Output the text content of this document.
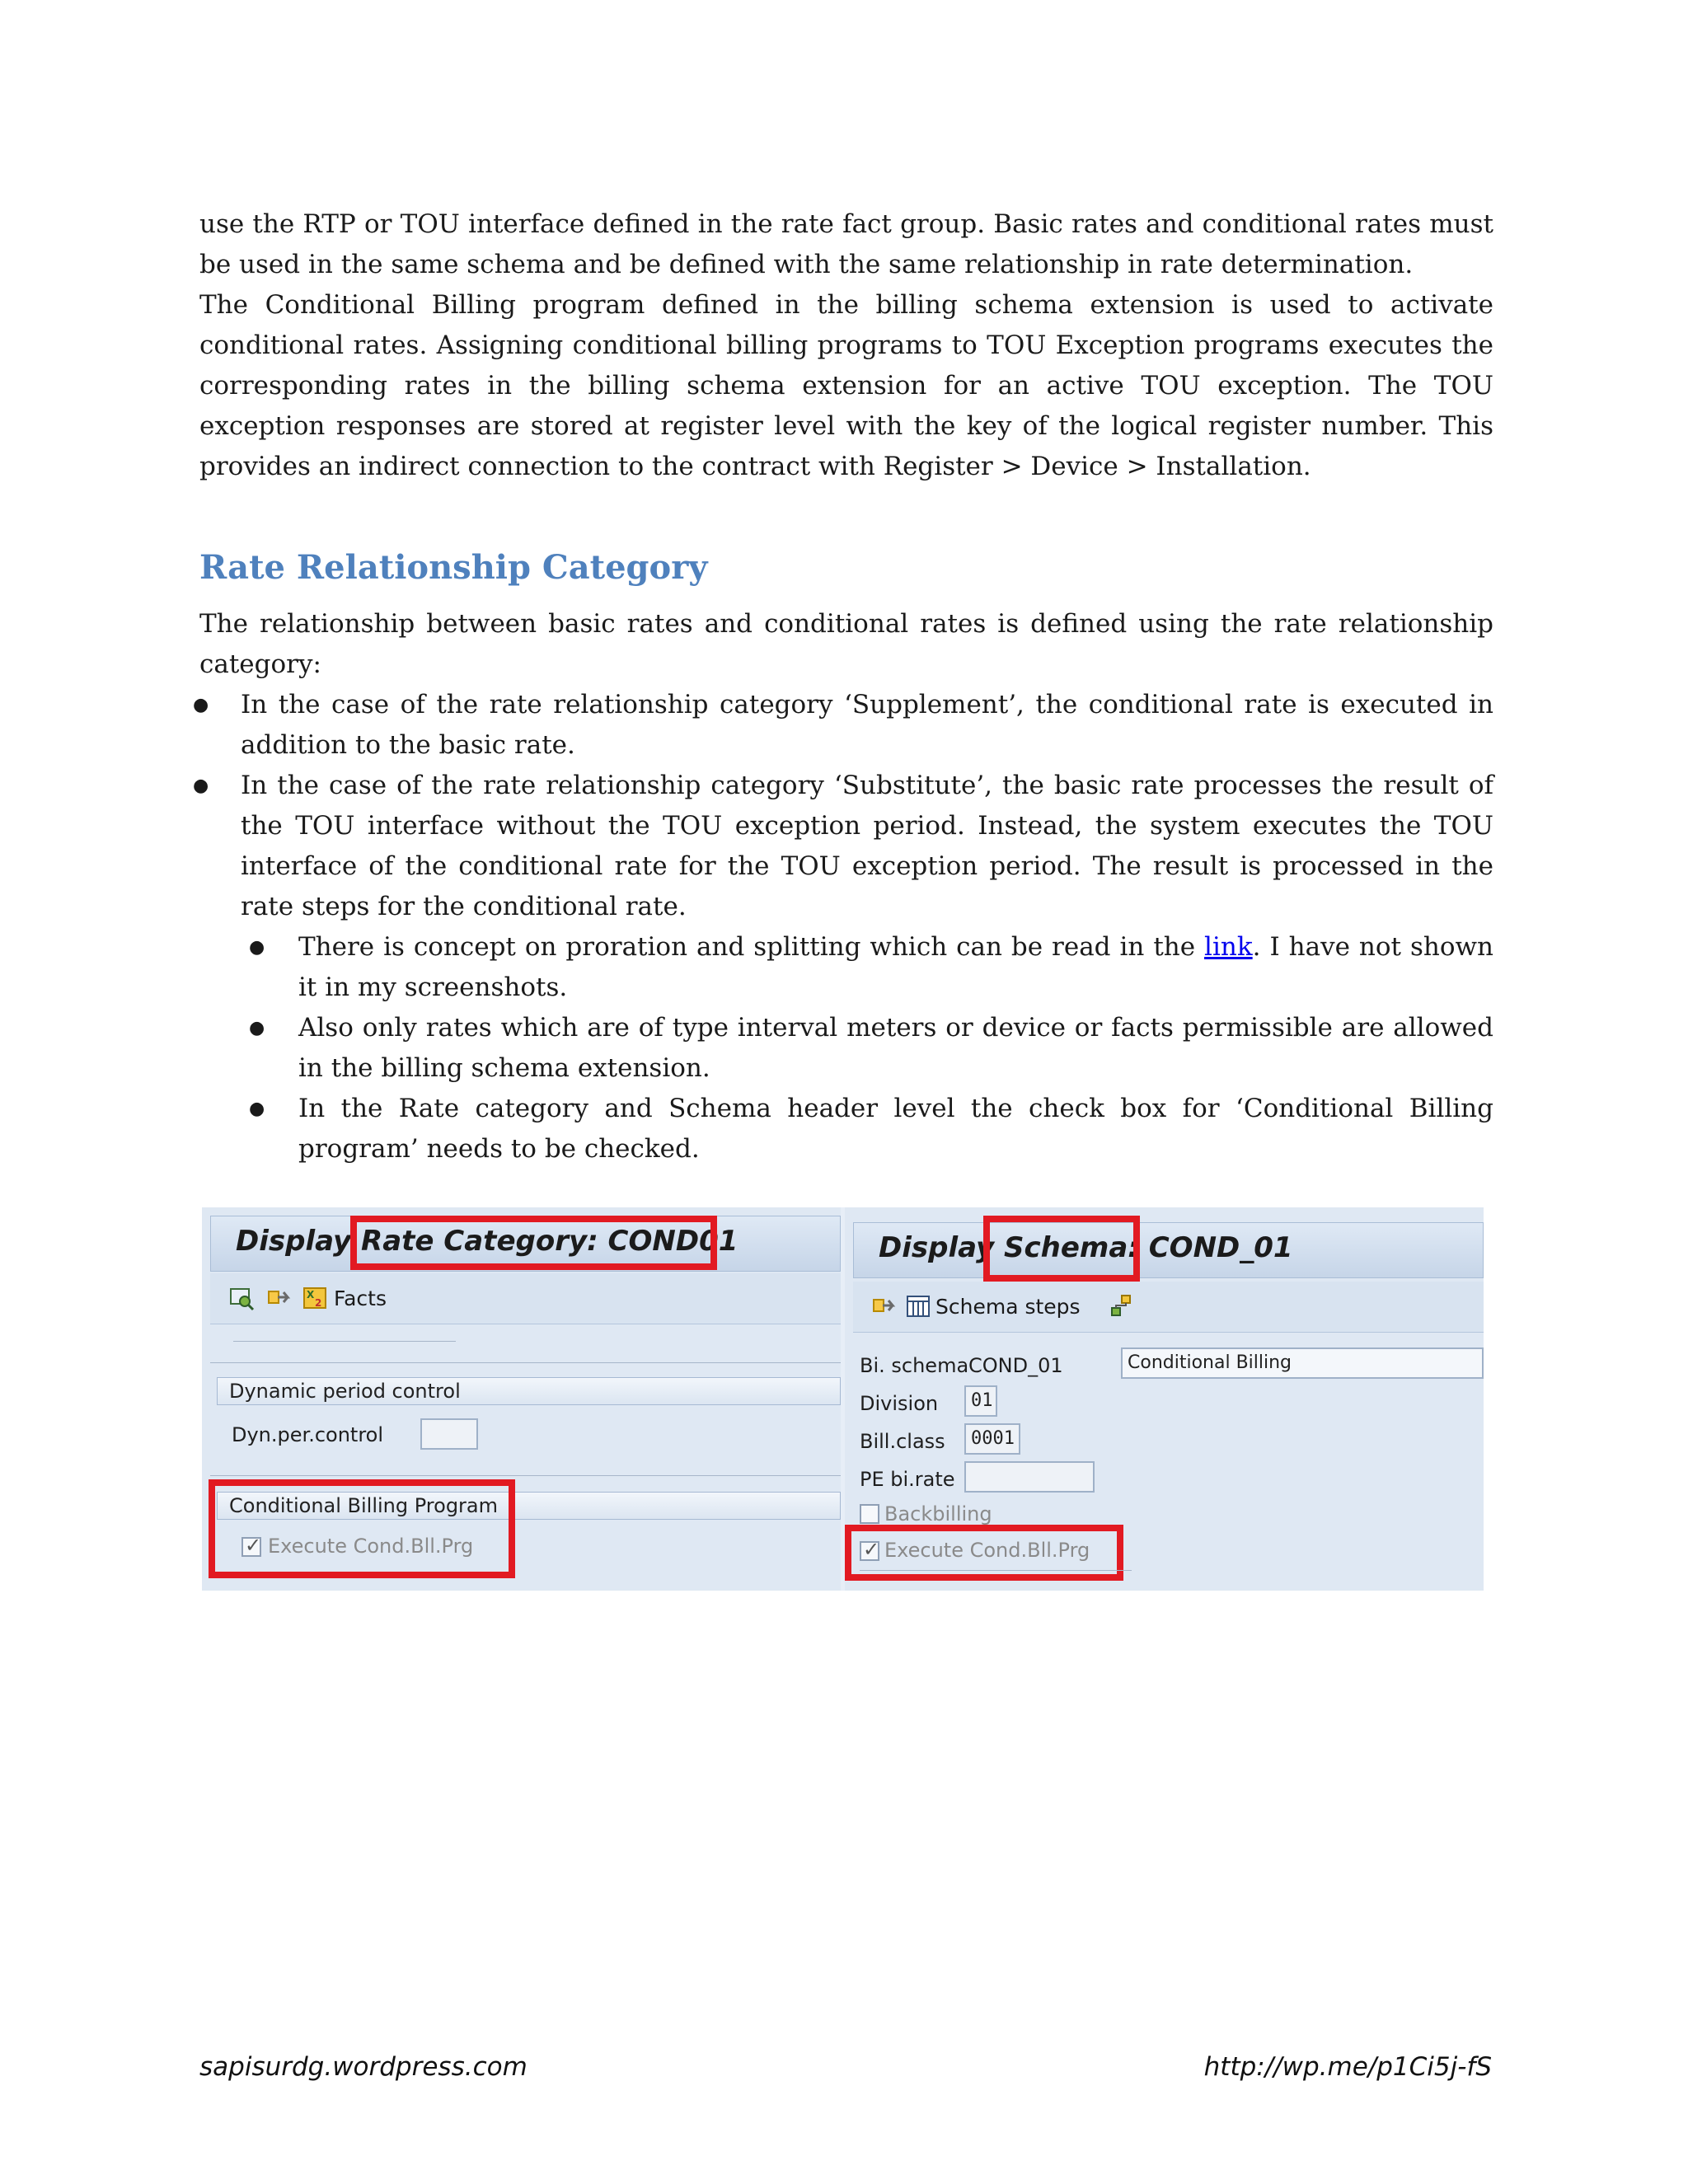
use the RTP or TOU interface defined in the rate fact group. Basic rates and conditional rates must be used in the same schema and be defined with the same relationship in rate determination.

The Conditional Billing program defined in the billing schema extension is used to activate conditional rates. Assigning conditional billing programs to TOU Exception programs executes the corresponding rates in the billing schema extension for an active TOU exception. The TOU exception responses are stored at register level with the key of the logical register number. This provides an indirect connection to the contract with Register > Device > Installation.

Rate Relationship Category

The relationship between basic rates and conditional rates is defined using the rate relationship category:

● In the case of the rate relationship category ‘Supplement’, the conditional rate is executed in addition to the basic rate.
● In the case of the rate relationship category ‘Substitute’, the basic rate processes the result of the TOU interface without the TOU exception period. Instead, the system executes the TOU interface of the conditional rate for the TOU exception period. The result is processed in the rate steps for the conditional rate.
● There is concept on proration and splitting which can be read in the link. I have not shown it in my screenshots.
● Also only rates which are of type interval meters or device or facts permissible are allowed in the billing schema extension.
● In the Rate category and Schema header level the check box for ‘Conditional Billing program’ needs to be checked.
Display Rate Category: COND01
X
2 Facts
Dynamic period control
Dyn.per.control
Conditional Billing Program
✓
Execute Cond.Bll.Prg
Display Schema: COND_01
Schema steps
Bi. schema COND_01	Conditional Billing
Division	01
Bill.class	0001
PE bi.rate
Backbilling
✓
Execute Cond.Bll.Prg
sapisurdg.wordpress.com	http://wp.me/p1Ci5j-fS
